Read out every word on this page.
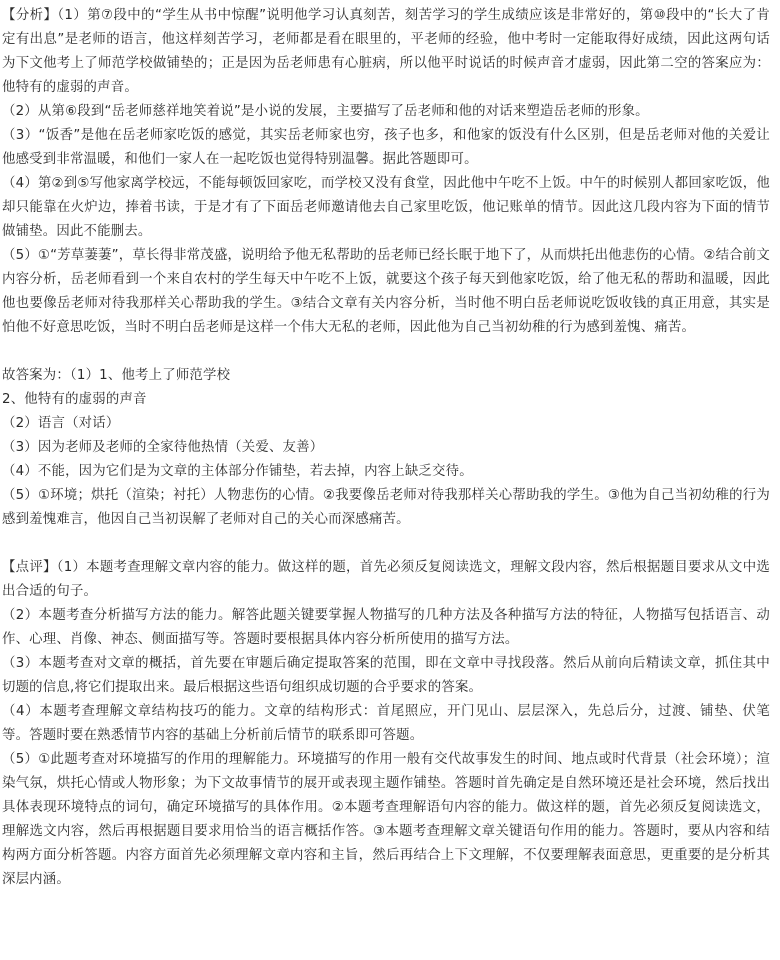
【分析】（1）第⑦段中的“学生从书中惊醒”说明他学习认真刻苦，刻苦学习的学生成绩应该是非常好的，第⑩段中的“长大了肯定有出息”是老师的语言，他这样刻苦学习，老师都是看在眼里的，平老师的经验，他中考时一定能取得好成绩，因此这两句话为下文他考上了师范学校做铺垫的；正是因为岳老师患有心脏病，所以他平时说话的时候声音才虚弱，因此第二空的答案应为：他特有的虚弱的声音。

（2）从第⑥段到“岳老师慈祥地笑着说”是小说的发展，主要描写了岳老师和他的对话来塑造岳老师的形象。

（3）“饭香”是他在岳老师家吃饭的感觉，其实岳老师家也穷，孩子也多，和他家的饭没有什么区别，但是岳老师对他的关爱让他感受到非常温暖，和他们一家人在一起吃饭也觉得特别温馨。据此答题即可。

（4）第②到⑤写他家离学校远，不能每顿饭回家吃，而学校又没有食堂，因此他中午吃不上饭。中午的时候别人都回家吃饭，他却只能靠在火炉边，捧着书读，于是才有了下面岳老师邀请他去自己家里吃饭，他记账单的情节。因此这几段内容为下面的情节做铺垫。因此不能删去。

（5）①“芳草萋萋”，草长得非常茂盛，说明给予他无私帮助的岳老师已经长眠于地下了，从而烘托出他悲伤的心情。②结合前文内容分析，岳老师看到一个来自农村的学生每天中午吃不上饭，就要这个孩子每天到他家吃饭，给了他无私的帮助和温暖，因此他也要像岳老师对待我那样关心帮助我的学生。③结合文章有关内容分析，当时他不明白岳老师说吃饭收钱的真正用意，其实是怕他不好意思吃饭，当时不明白岳老师是这样一个伟大无私的老师，因此他为自己当初幼稚的行为感到羞愧、痛苦。

故答案为：（1）1、他考上了师范学校

2、他特有的虚弱的声音

（2）语言（对话）

（3）因为老师及老师的全家待他热情（关爱、友善）

（4）不能，因为它们是为文章的主体部分作铺垫，若去掉，内容上缺乏交待。

（5）①环境；烘托（渲染；衬托）人物悲伤的心情。②我要像岳老师对待我那样关心帮助我的学生。③他为自己当初幼稚的行为感到羞愧难言，他因自己当初误解了老师对自己的关心而深感痛苦。

【点评】（1）本题考查理解文章内容的能力。做这样的题，首先必须反复阅读选文，理解文段内容，然后根据题目要求从文中选出合适的句子。

（2）本题考查分析描写方法的能力。解答此题关键要掌握人物描写的几种方法及各种描写方法的特征，人物描写包括语言、动作、心理、肖像、神态、侧面描写等。答题时要根据具体内容分析所使用的描写方法。

（3）本题考查对文章的概括，首先要在审题后确定提取答案的范围，即在文章中寻找段落。然后从前向后精读文章，抓住其中切题的信息,将它们提取出来。最后根据这些语句组织成切题的合乎要求的答案。

（4）本题考查理解文章结构技巧的能力。文章的结构形式：首尾照应，开门见山、层层深入，先总后分，过渡、铺垫、伏笔等。答题时要在熟悉情节内容的基础上分析前后情节的联系即可答题。

（5）①此题考查对环境描写的作用的理解能力。环境描写的作用一般有交代故事发生的时间、地点或时代背景（社会环境）；渲染气氛，烘托心情或人物形象；为下文故事情节的展开或表现主题作铺垫。答题时首先确定是自然环境还是社会环境，然后找出具体表现环境特点的词句，确定环境描写的具体作用。②本题考查理解语句内容的能力。做这样的题，首先必须反复阅读选文，理解选文内容，然后再根据题目要求用恰当的语言概括作答。③本题考查理解文章关键语句作用的能力。答题时，要从内容和结构两方面分析答题。内容方面首先必须理解文章内容和主旨，然后再结合上下文理解，不仅要理解表面意思，更重要的是分析其深层内涵。
